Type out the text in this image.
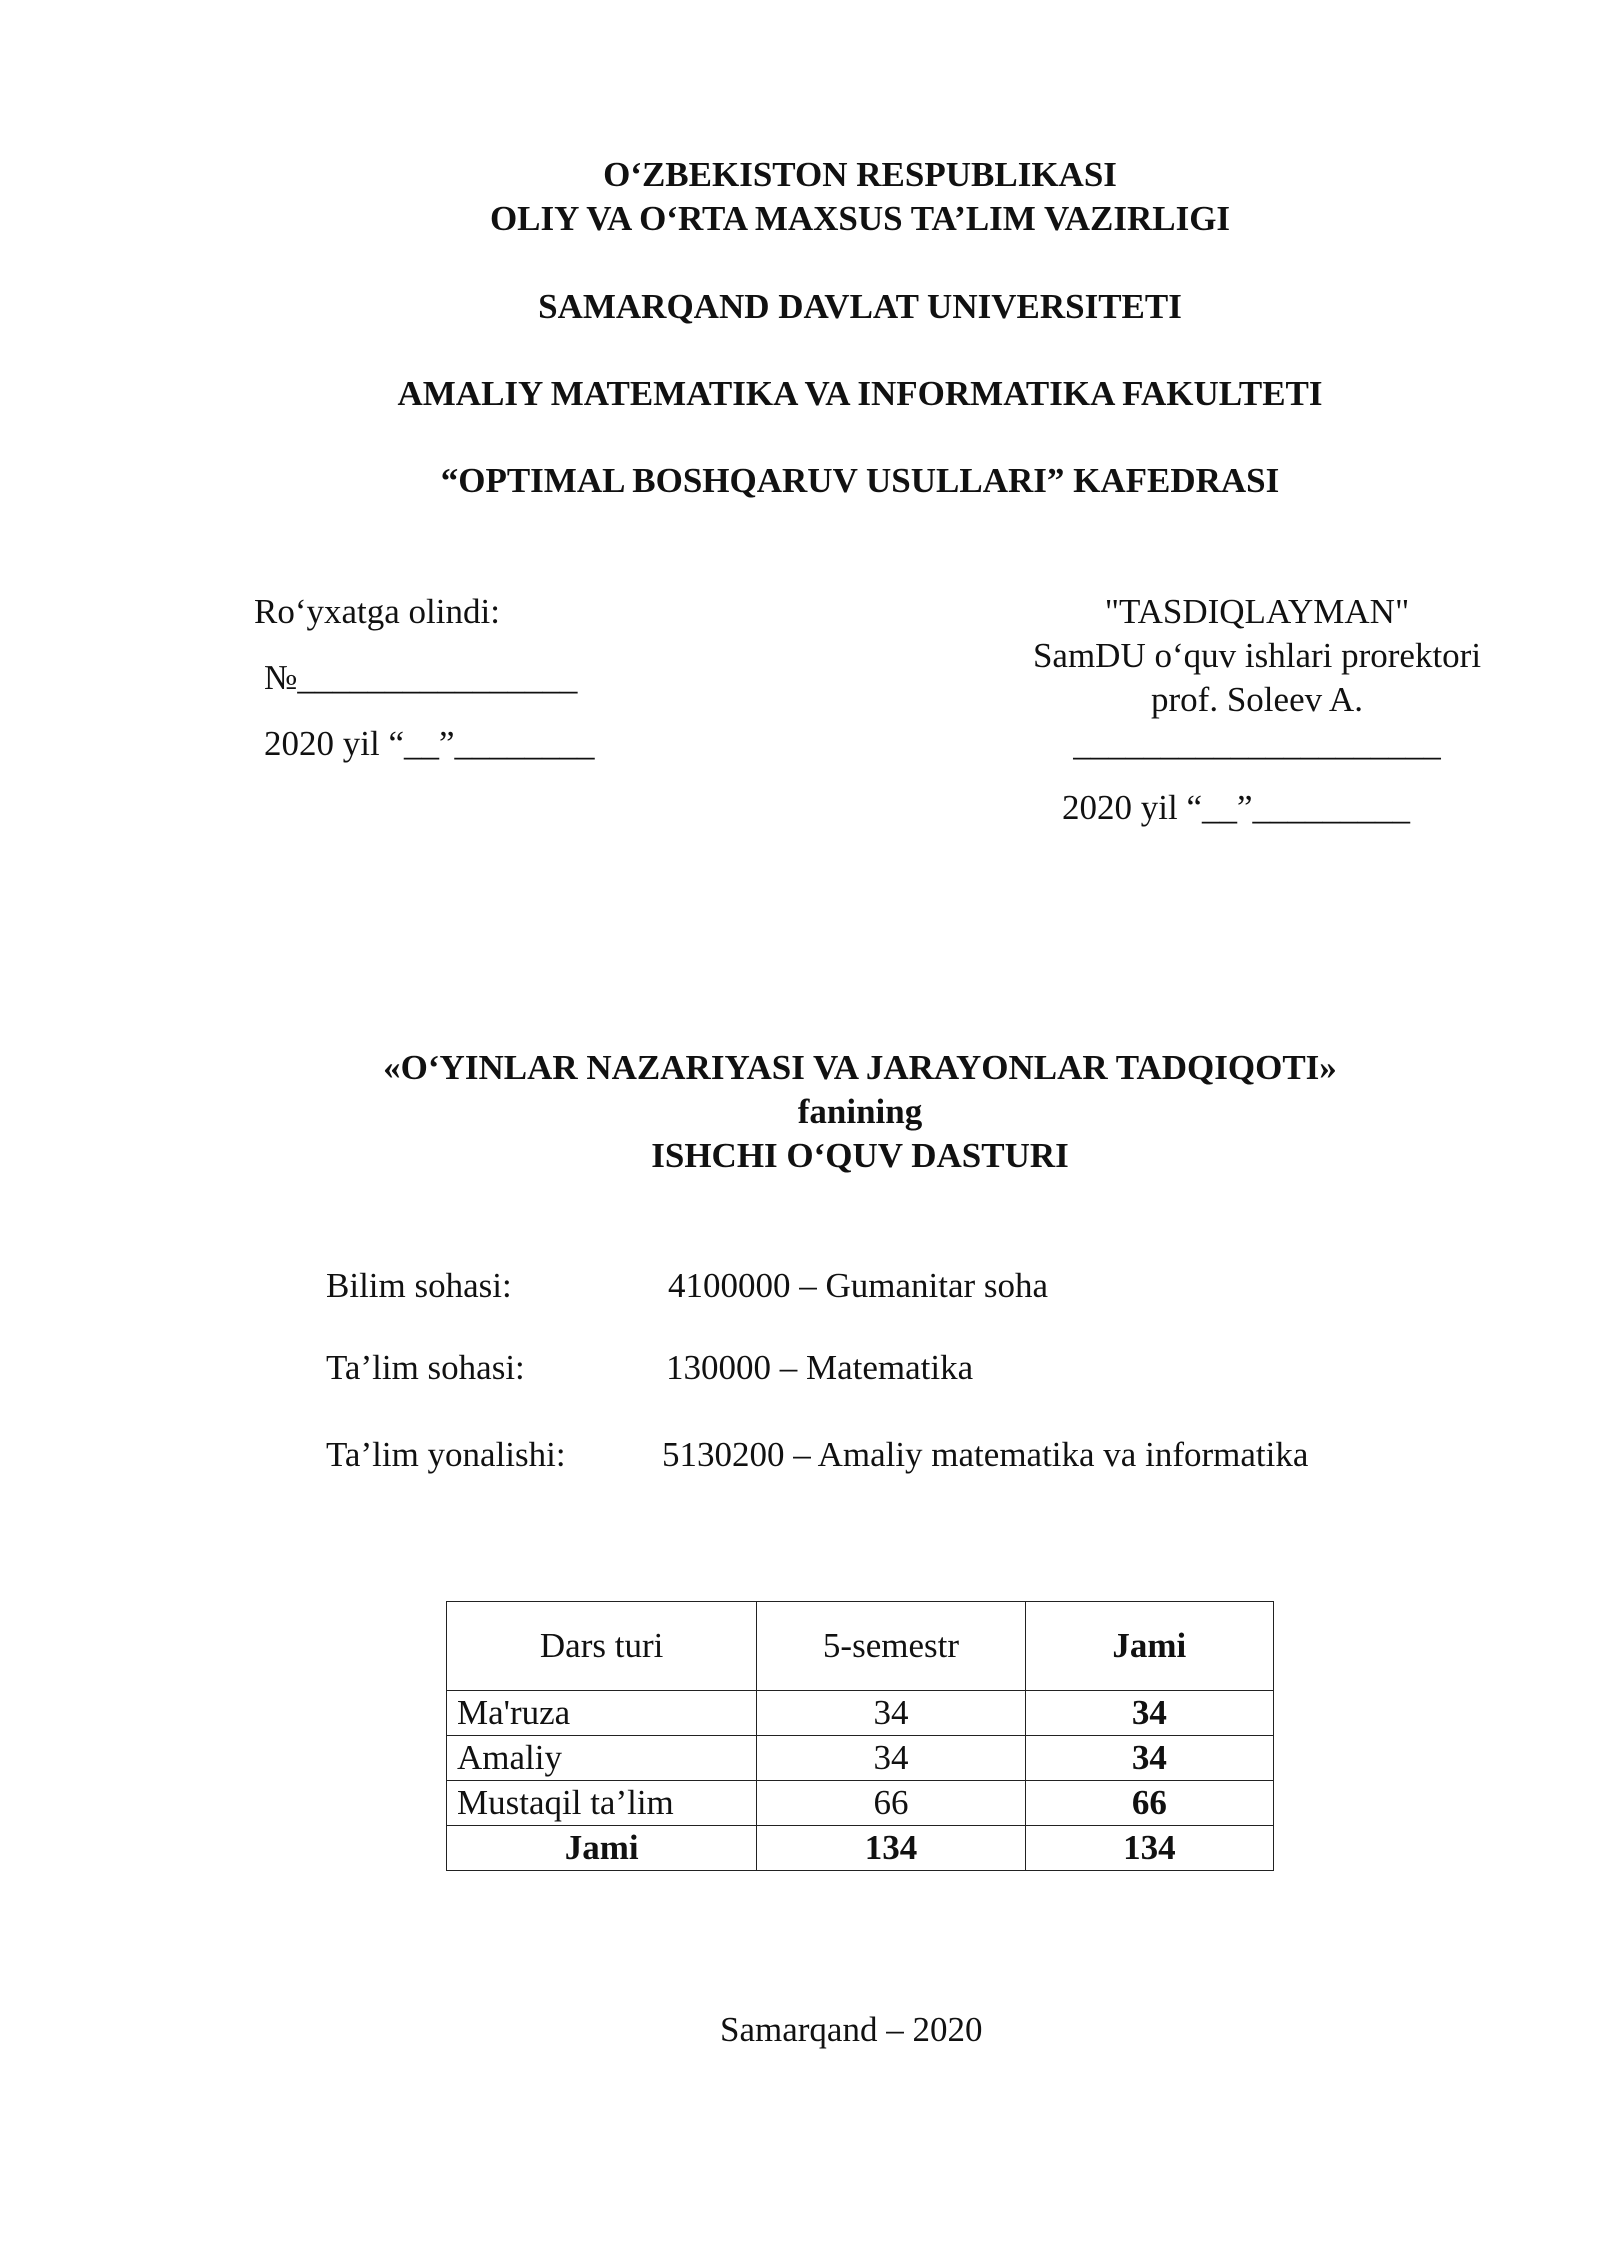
O‘ZBEKISTON RESPUBLIKASI
OLIY VA O‘RTA MAXSUS TA’LIM VAZIRLIGI
SAMARQAND DAVLAT UNIVERSITETI
AMALIY MATEMATIKA VA INFORMATIKA FAKULTETI
“OPTIMAL BOSHQARUV USULLARI” KAFEDRASI
Ro‘yxatga olindi:
№________________
2020 yil “__”________
"TASDIQLAYMAN"
SamDU o‘quv ishlari prorektori
prof. Soleev A.
_____________________
2020 yil “__”_________
«O‘YINLAR NAZARIYASI VA JARAYONLAR TADQIQOTI»
fanining
ISHCHI O‘QUV DASTURI
Bilim sohasi:	4100000 – Gumanitar soha
Ta’lim sohasi:	130000 – Matematika
Ta’lim yonalishi:	5130200 – Amaliy matematika va informatika
Dars turi	5-semestr	Jami
Ma'ruza	34	34
Amaliy	34	34
Mustaqil ta’lim	66	66
Jami	134	134
Samarqand – 2020
